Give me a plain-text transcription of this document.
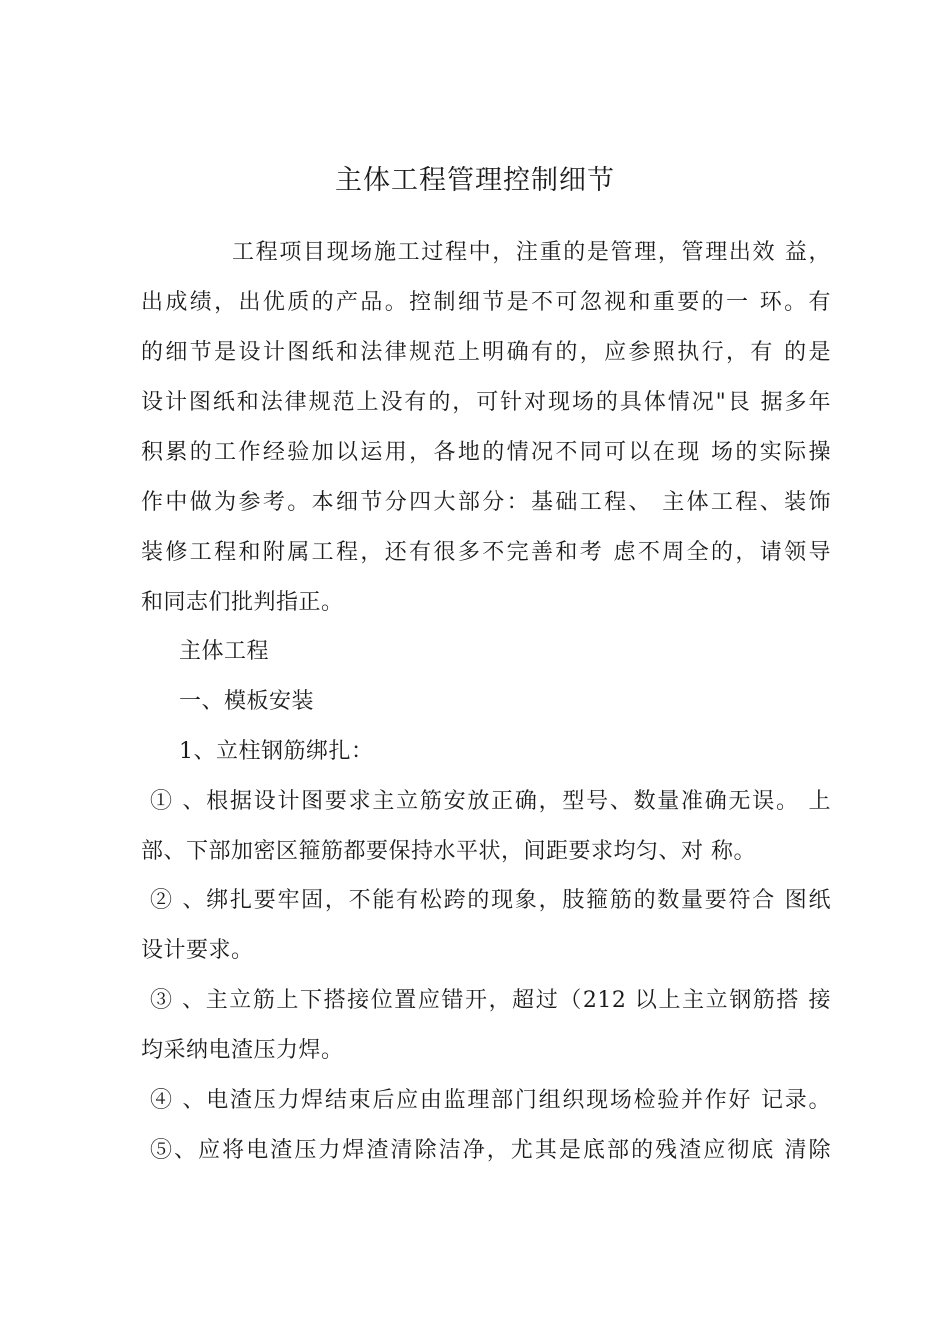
主体工程管理控制细节
工程项目现场施工过程中，注重的是管理，管理出效 益，
出成绩，出优质的产品。控制细节是不可忽视和重要的一 环。有
的细节是设计图纸和法律规范上明确有的，应参照执行，有 的是
设计图纸和法律规范上没有的，可针对现场的具体情况"艮 据多年
积累的工作经验加以运用，各地的情况不同可以在现 场的实际操
作中做为参考。本细节分四大部分：基础工程、 主体工程、装饰
装修工程和附属工程，还有很多不完善和考 虑不周全的，请领导
和同志们批判指正。
主体工程
一、模板安装
1、立柱钢筋绑扎：
① 、根据设计图要求主立筋安放正确，型号、数量准确无误。 上
部、下部加密区箍筋都要保持水平状，间距要求均匀、对 称。
② 、绑扎要牢固，不能有松跨的现象，肢箍筋的数量要符合 图纸
设计要求。
③ 、主立筋上下搭接位置应错开，超过（212 以上主立钢筋搭 接
均采纳电渣压力焊。
④ 、电渣压力焊结束后应由监理部门组织现场检验并作好 记录。
⑤、应将电渣压力焊渣清除洁净，尤其是底部的残渣应彻底 清除
